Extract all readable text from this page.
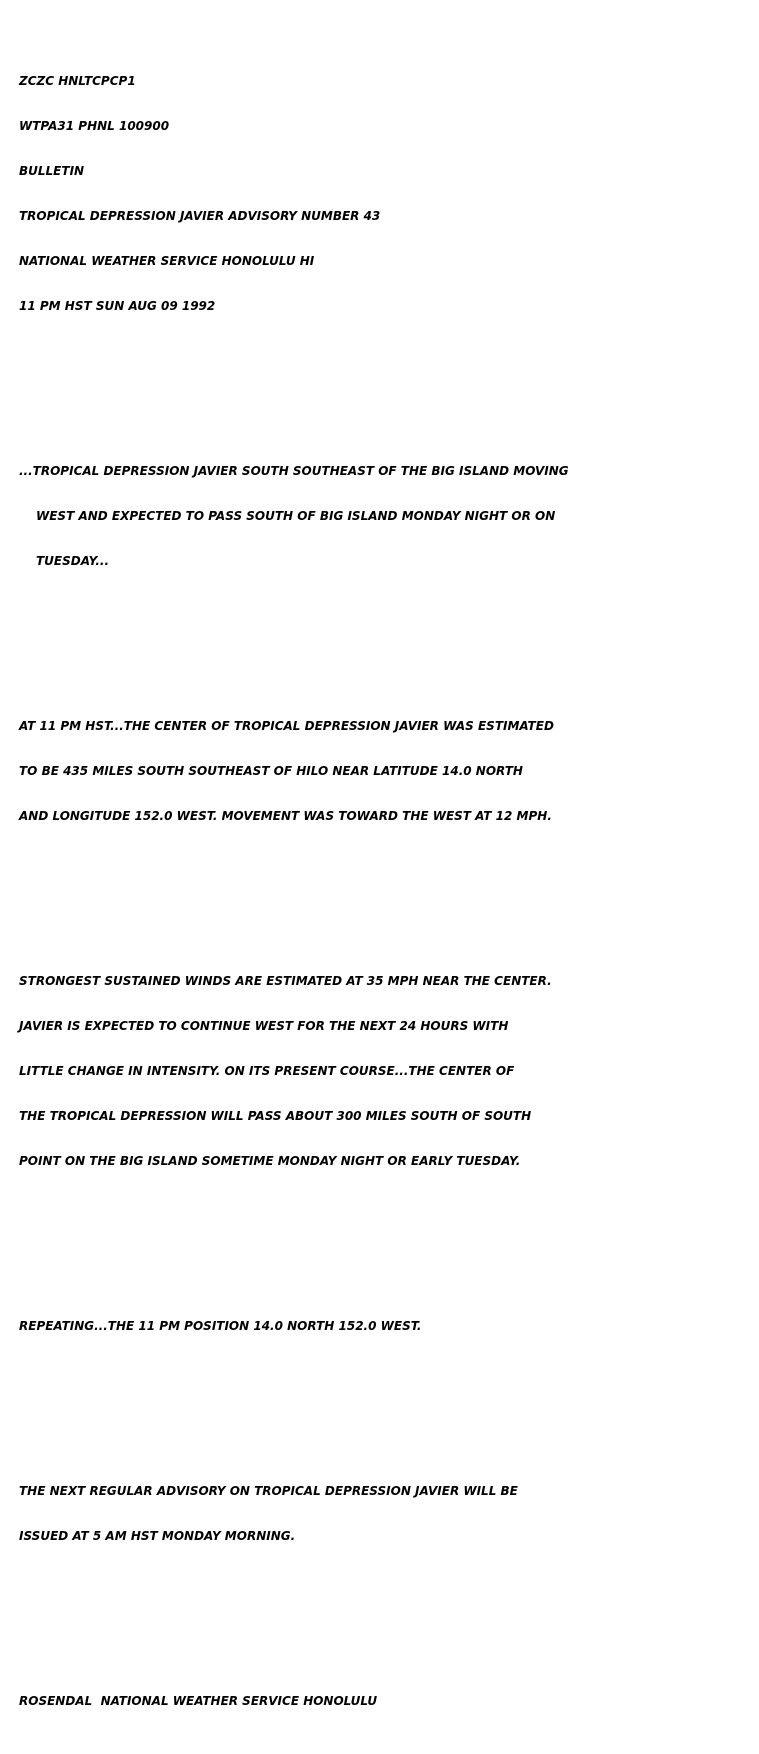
ZCZC HNLTCPCP1

WTPA31 PHNL 100900

BULLETIN

TROPICAL DEPRESSION JAVIER ADVISORY NUMBER 43

NATIONAL WEATHER SERVICE HONOLULU HI

11 PM HST SUN AUG 09 1992

...TROPICAL DEPRESSION JAVIER SOUTH SOUTHEAST OF THE BIG ISLAND MOVING

WEST AND EXPECTED TO PASS SOUTH OF BIG ISLAND MONDAY NIGHT OR ON

TUESDAY...

AT 11 PM HST...THE CENTER OF TROPICAL DEPRESSION JAVIER WAS ESTIMATED

TO BE 435 MILES SOUTH SOUTHEAST OF HILO NEAR LATITUDE 14.0 NORTH

AND LONGITUDE 152.0 WEST. MOVEMENT WAS TOWARD THE WEST AT 12 MPH.

STRONGEST SUSTAINED WINDS ARE ESTIMATED AT 35 MPH NEAR THE CENTER.

JAVIER IS EXPECTED TO CONTINUE WEST FOR THE NEXT 24 HOURS WITH

LITTLE CHANGE IN INTENSITY. ON ITS PRESENT COURSE...THE CENTER OF

THE TROPICAL DEPRESSION WILL PASS ABOUT 300 MILES SOUTH OF SOUTH

POINT ON THE BIG ISLAND SOMETIME MONDAY NIGHT OR EARLY TUESDAY.

REPEATING...THE 11 PM POSITION 14.0 NORTH 152.0 WEST.

THE NEXT REGULAR ADVISORY ON TROPICAL DEPRESSION JAVIER WILL BE

ISSUED AT 5 AM HST MONDAY MORNING.

ROSENDAL  NATIONAL WEATHER SERVICE HONOLULU
